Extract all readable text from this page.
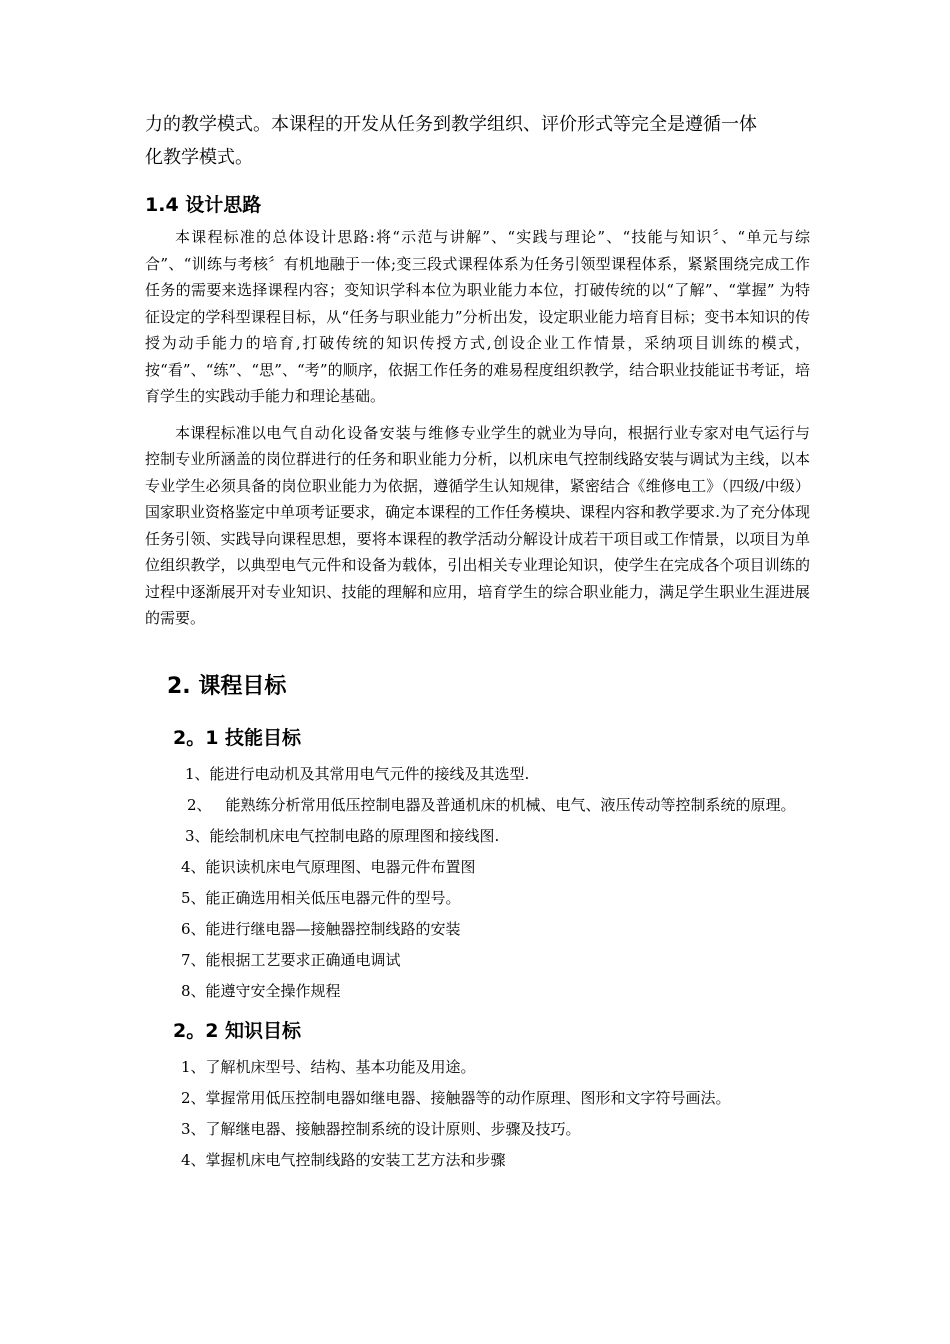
力的教学模式。本课程的开发从任务到教学组织、评价形式等完全是遵循一体
化教学模式。

1.4 设计思路

本课程标准的总体设计思路:将“示范与讲解”、“实践与理论”、“技能与知识〞、“单元与综合”、“训练与考核〞有机地融于一体;变三段式课程体系为任务引领型课程体系，紧紧围绕完成工作任务的需要来选择课程内容；变知识学科本位为职业能力本位，打破传统的以“了解”、“掌握” 为特征设定的学科型课程目标，从“任务与职业能力”分析出发，设定职业能力培育目标；变书本知识的传授为动手能力的培育,打破传统的知识传授方式,创设企业工作情景，采纳项目训练的模式，按“看”、“练”、“思”、“考”的顺序，依据工作任务的难易程度组织教学，结合职业技能证书考证，培育学生的实践动手能力和理论基础。

本课程标准以电气自动化设备安装与维修专业学生的就业为导向，根据行业专家对电气运行与控制专业所涵盖的岗位群进行的任务和职业能力分析，以机床电气控制线路安装与调试为主线，以本专业学生必须具备的岗位职业能力为依据，遵循学生认知规律，紧密结合《维修电工》（四级/中级）国家职业资格鉴定中单项考证要求，确定本课程的工作任务模块、课程内容和教学要求.为了充分体现任务引领、实践导向课程思想，要将本课程的教学活动分解设计成若干项目或工作情景，以项目为单位组织教学，以典型电气元件和设备为载体，引出相关专业理论知识，使学生在完成各个项目训练的过程中逐渐展开对专业知识、技能的理解和应用，培育学生的综合职业能力，满足学生职业生涯进展的需要。

2. 课程目标
2。1 技能目标

1、能进行电动机及其常用电气元件的接线及其选型.

2、 能熟练分析常用低压控制电器及普通机床的机械、电气、液压传动等控制系统的原理。

3、能绘制机床电气控制电路的原理图和接线图.

4、能识读机床电气原理图、电器元件布置图

5、能正确选用相关低压电器元件的型号。

6、能进行继电器—接触器控制线路的安装

7、能根据工艺要求正确通电调试

8、能遵守安全操作规程

2。2 知识目标

1、了解机床型号、结构、基本功能及用途。

2、掌握常用低压控制电器如继电器、接触器等的动作原理、图形和文字符号画法。

3、了解继电器、接触器控制系统的设计原则、步骤及技巧。

4、掌握机床电气控制线路的安装工艺方法和步骤
